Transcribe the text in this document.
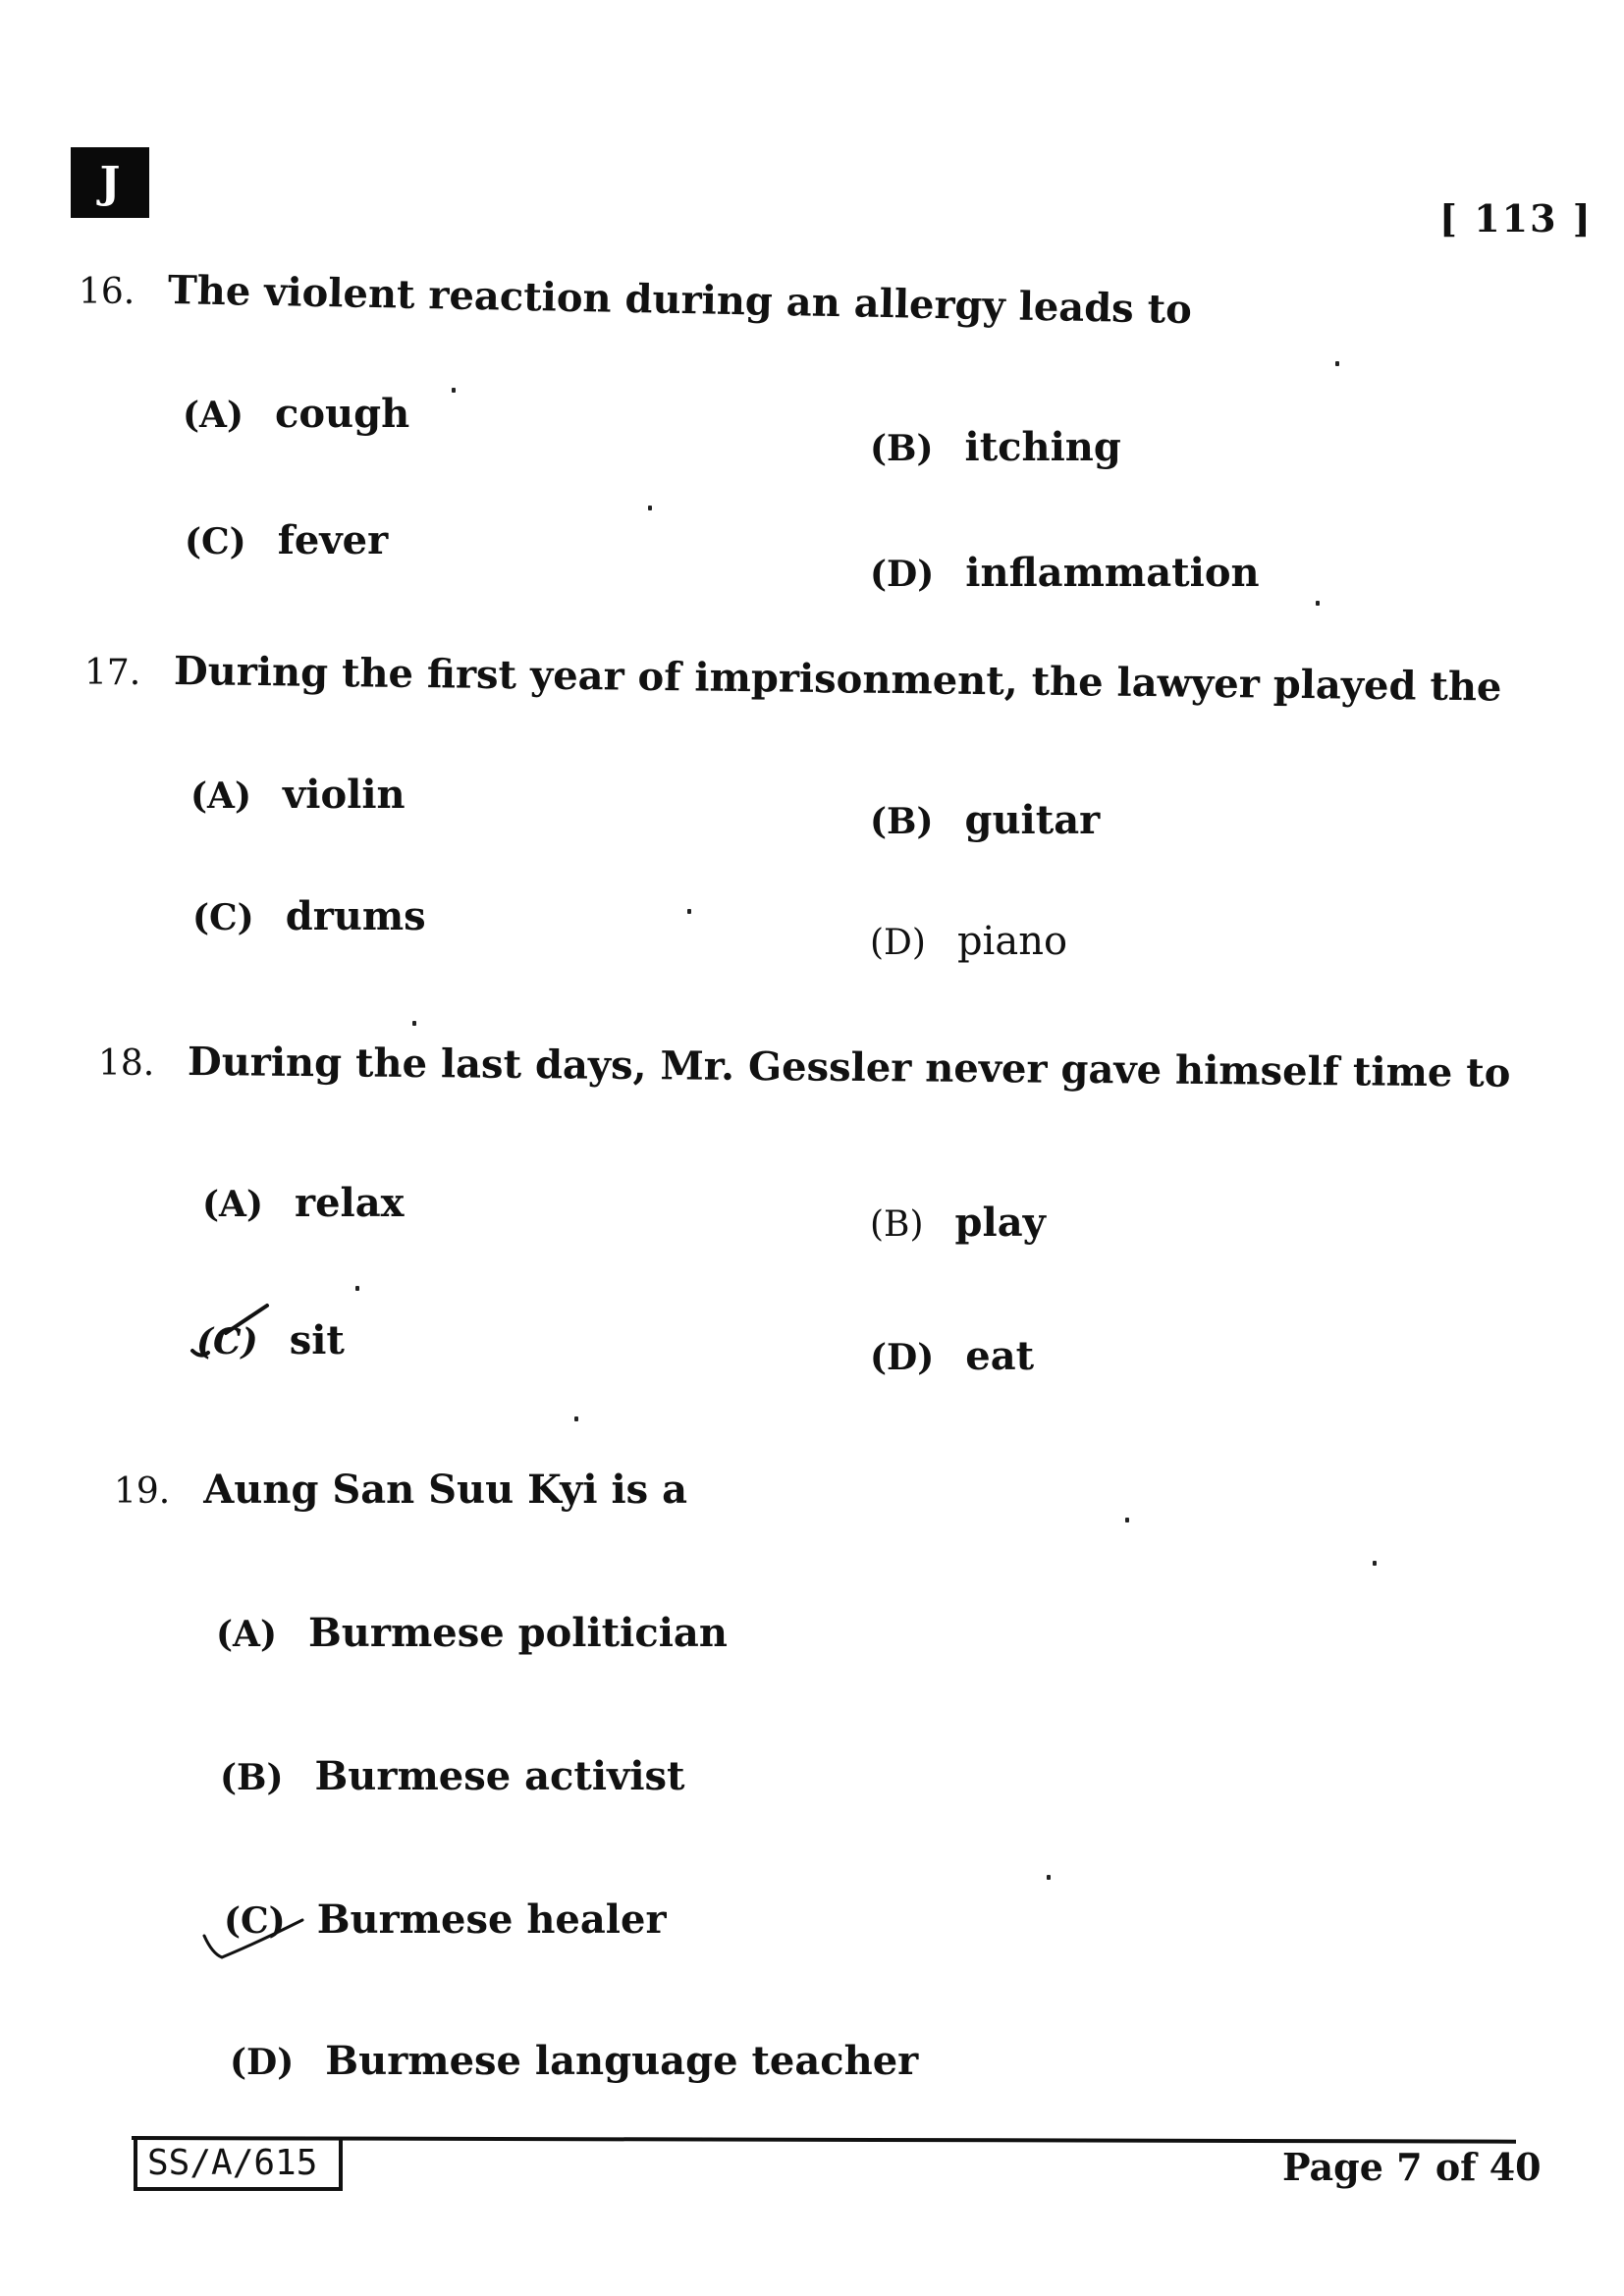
J
[ 113 ]
16. The violent reaction during an allergy leads to
(A) cough
(B) itching
(C) fever
(D) inflammation
17. During the first year of imprisonment, the lawyer played the
(A) violin
(B) guitar
(C) drums
(D) piano
18. During the last days, Mr. Gessler never gave himself time to
(A) relax	(B) play
(C) sit	(D) eat
19. Aung San Suu Kyi is a
(A) Burmese politician
(B) Burmese activist
(C) Burmese healer
(D) Burmese language teacher
SS/A/615	Page 7 of 40
